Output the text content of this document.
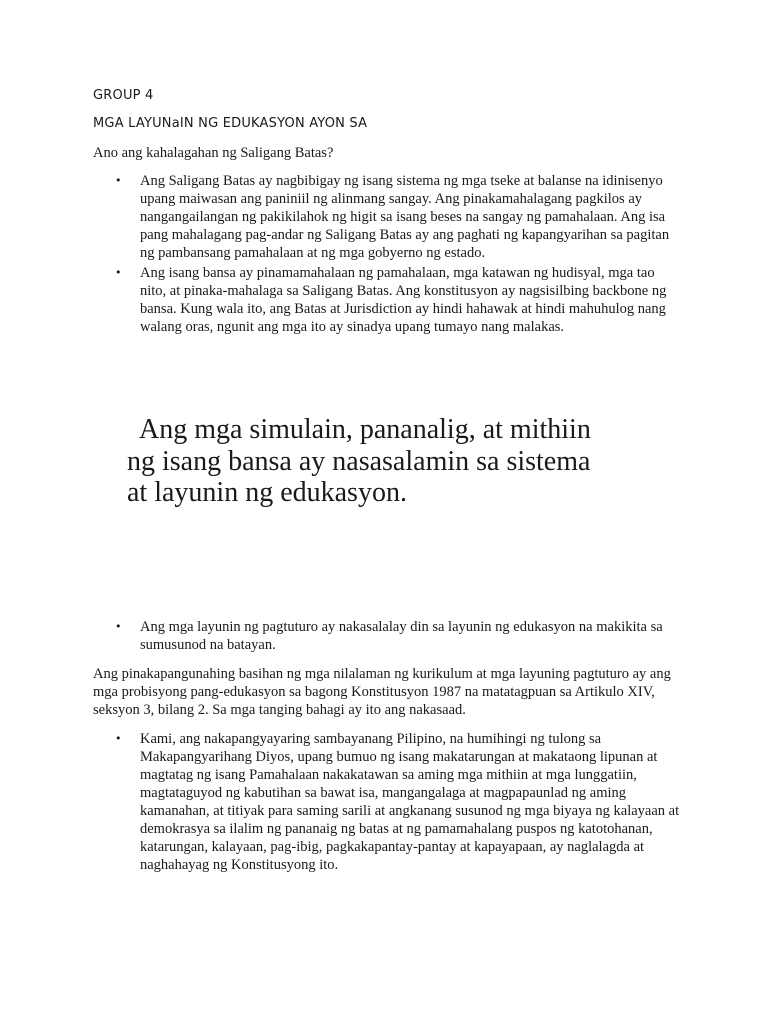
GROUP 4
MGA LAYUNaIN NG EDUKASYON AYON SA
Ano ang kahalagahan ng Saligang Batas?
• Ang Saligang Batas ay nagbibigay ng isang sistema ng mga tseke at balanse na idinisenyo upang maiwasan ang paniniil ng alinmang sangay. Ang pinakamahalagang pagkilos ay nangangailangan ng pakikilahok ng higit sa isang beses na sangay ng pamahalaan. Ang isa pang mahalagang pag-andar ng Saligang Batas ay ang paghati ng kapangyarihan sa pagitan ng pambansang pamahalaan at ng mga gobyerno ng estado.
• Ang isang bansa ay pinamamahalaan ng pamahalaan, mga katawan ng hudisyal, mga tao nito, at pinaka-mahalaga sa Saligang Batas. Ang konstitusyon ay nagsisilbing backbone ng bansa. Kung wala ito, ang Batas at Jurisdiction ay hindi hahawak at hindi mahuhulog nang walang oras, ngunit ang mga ito ay sinadya upang tumayo nang malakas.
Ang mga simulain, pananalig, at mithiin ng isang bansa ay nasasalamin sa sistema at layunin ng edukasyon.
• Ang mga layunin ng pagtuturo ay nakasalalay din sa layunin ng edukasyon na makikita sa sumusunod na batayan.
Ang pinakapangunahing basihan ng mga nilalaman ng kurikulum at mga layuning pagtuturo ay ang mga probisyong pang-edukasyon sa bagong Konstitusyon 1987 na matatagpuan sa Artikulo XIV, seksyon 3, bilang 2. Sa mga tanging bahagi ay ito ang nakasaad.
• Kami, ang nakapangyayaring sambayanang Pilipino, na humihingi ng tulong sa Makapangyarihang Diyos, upang bumuo ng isang makatarungan at makataong lipunan at magtatag ng isang Pamahalaan nakakatawan sa aming mga mithiin at mga lunggatiin, magtataguyod ng kabutihan sa bawat isa, mangangalaga at magpapaunlad ng aming kamanahan, at titiyak para saming sarili at angkanang susunod ng mga biyaya ng kalayaan at demokrasya sa ilalim ng pananaig ng batas at ng pamamahalang puspos ng katotohanan, katarungan, kalayaan, pag-ibig, pagkakapantay-pantay at kapayapaan, ay naglalagda at naghahayag ng Konstitusyong ito.
